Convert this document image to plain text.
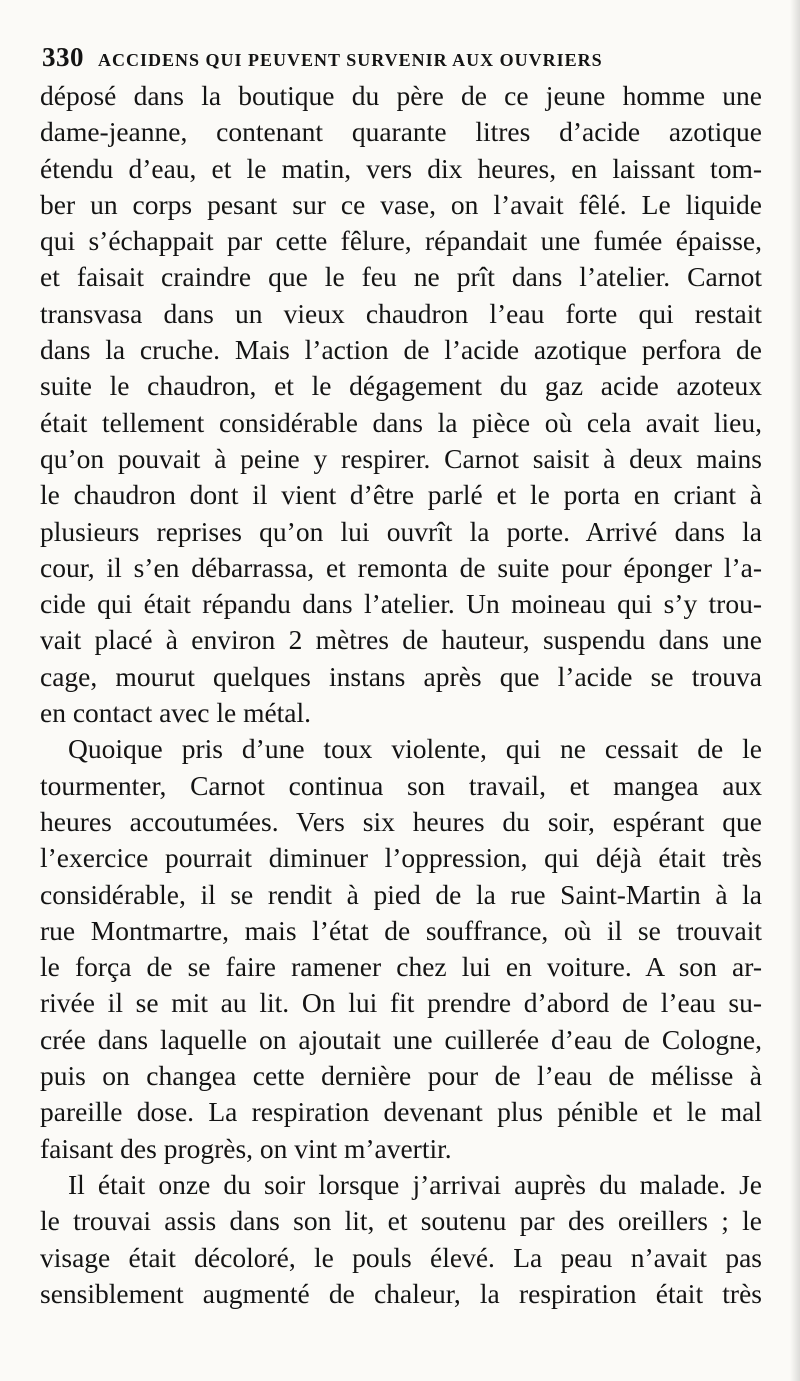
330 ACCIDENS QUI PEUVENT SURVENIR AUX OUVRIERS
déposé dans la boutique du père de ce jeune homme une
dame-jeanne, contenant quarante litres d’acide azotique
étendu d’eau, et le matin, vers dix heures, en laissant tom-
ber un corps pesant sur ce vase, on l’avait fêlé. Le liquide
qui s’échappait par cette fêlure, répandait une fumée épaisse,
et faisait craindre que le feu ne prît dans l’atelier. Carnot
transvasa dans un vieux chaudron l’eau forte qui restait
dans la cruche. Mais l’action de l’acide azotique perfora de
suite le chaudron, et le dégagement du gaz acide azoteux
était tellement considérable dans la pièce où cela avait lieu,
qu’on pouvait à peine y respirer. Carnot saisit à deux mains
le chaudron dont il vient d’être parlé et le porta en criant à
plusieurs reprises qu’on lui ouvrît la porte. Arrivé dans la
cour, il s’en débarrassa, et remonta de suite pour éponger l’a-
cide qui était répandu dans l’atelier. Un moineau qui s’y trou-
vait placé à environ 2 mètres de hauteur, suspendu dans une
cage, mourut quelques instans après que l’acide se trouva
en contact avec le métal.
Quoique pris d’une toux violente, qui ne cessait de le
tourmenter, Carnot continua son travail, et mangea aux
heures accoutumées. Vers six heures du soir, espérant que
l’exercice pourrait diminuer l’oppression, qui déjà était très
considérable, il se rendit à pied de la rue Saint-Martin à la
rue Montmartre, mais l’état de souffrance, où il se trouvait
le força de se faire ramener chez lui en voiture. A son ar-
rivée il se mit au lit. On lui fit prendre d’abord de l’eau su-
crée dans laquelle on ajoutait une cuillerée d’eau de Cologne,
puis on changea cette dernière pour de l’eau de mélisse à
pareille dose. La respiration devenant plus pénible et le mal
faisant des progrès, on vint m’avertir.
Il était onze du soir lorsque j’arrivai auprès du malade. Je
le trouvai assis dans son lit, et soutenu par des oreillers ; le
visage était décoloré, le pouls élevé. La peau n’avait pas
sensiblement augmenté de chaleur, la respiration était très
